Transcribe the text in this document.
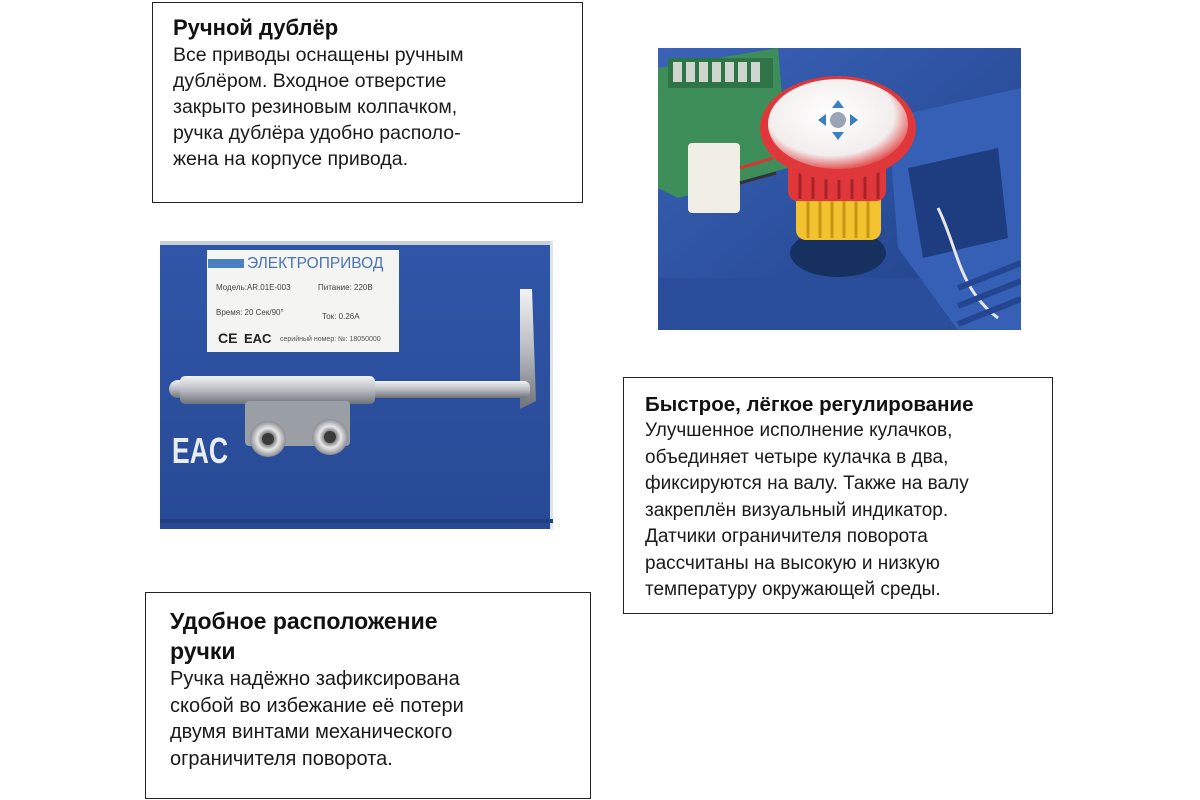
Ручной дублёр

Все приводы оснащены ручным
дублёром. Входное отверстие
закрыто резиновым колпачком,
ручка дублёра удобно располо-
жена на корпусе привода.

ЭЛЕКТРОПРИВОД
Модель:AR.01E-003	Питание: 220В
Время: 20 Сек/90°	Ток: 0.26А
CE EAC серийный номер: №: 18050000
EAC
Быстрое, лёгкое регулирование

Улучшенное исполнение кулачков,
объединяет четыре кулачка в два,
фиксируются на валу. Также на валу
закреплён визуальный индикатор.
Датчики ограничителя поворота
рассчитаны на высокую и низкую
температуру окружающей среды.

Удобное расположение
ручки

Ручка надёжно зафиксирована
скобой во избежание её потери
двумя винтами механического
ограничителя поворота.
